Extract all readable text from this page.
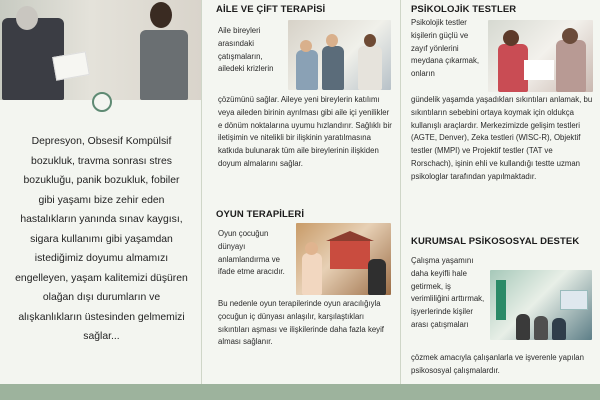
Depresyon, Obsesif Kompülsif bozukluk, travma sonrası stres bozukluğu, panik bozukluk, fobiler gibi yaşamı bize zehir eden hastalıkların yanında sınav kaygısı, sigara kullanımı gibi yaşamdan istediğimiz doyumu almamızı engelleyen, yaşam kalitemizi düşüren olağan dışı durumların ve alışkanlıkların üstesinden gelmemizi sağlar...
AİLE VE ÇİFT TERAPİSİ
Aile bireyleri arasındaki çatışmaların, ailedeki krizlerin
çözümünü sağlar. Aileye yeni bireylerin katılımı veya aileden birinin ayrılması gibi aile içi yenilikler e dönüm noktalarına uyumu hızlandırır. Sağlıklı bir iletişimin ve nitelikli bir ilişkinin yaratılmasına katkıda bulunarak tüm aile bireylerinin ilişkiden doyum almalarını sağlar.
OYUN TERAPİLERİ
Oyun çocuğun dünyayı anlamlandırma ve ifade etme aracıdır.
Bu nedenle oyun terapilerinde oyun aracılığıyla çocuğun iç dünyası anlaşılır, karşılaştıkları sıkıntıları aşması ve ilişkilerinde daha fazla keyif alması sağlanır.
PSİKOLOJİK TESTLER
Psikolojik testler kişilerin güçlü ve zayıf yönlerini meydana çıkarmak, onların
gündelik yaşamda yaşadıkları sıkıntıları anlamak, bu sıkıntıların sebebini ortaya koymak için oldukça kullanışlı araçlardır. Merkezimizde gelişim testleri (AGTE, Denver), Zeka testleri (WISC-R), Objektif testler (MMPI) ve Projektif testler (TAT ve Rorschach), işinin ehli ve kullandığı testte uzman psikologlar tarafından yapılmaktadır.
KURUMSAL PSİKOSOSYAL DESTEK
Çalışma yaşamını daha keyifli hale getirmek, iş verimliliğini arttırmak, işyerlerinde kişiler arası çatışmaları
çözmek amacıyla çalışanlarla ve işverenle yapılan psikososyal çalışmalardır.
